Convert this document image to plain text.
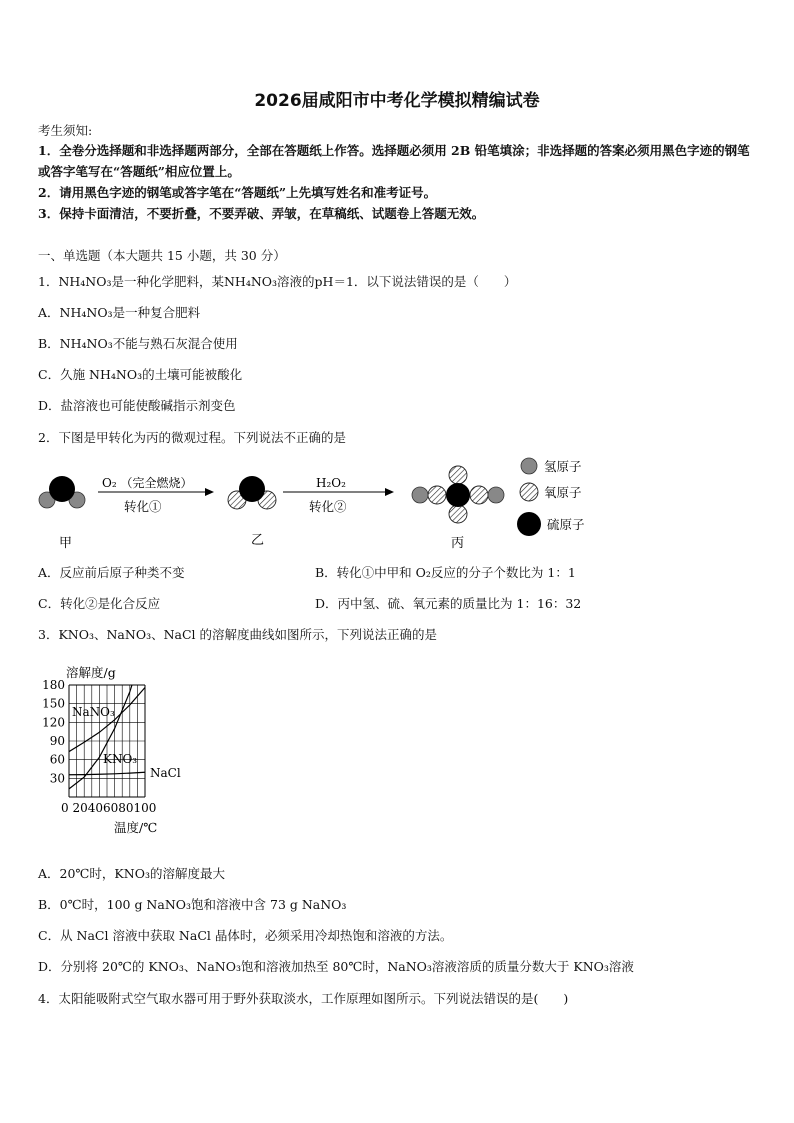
2026届咸阳市中考化学模拟精编试卷
考生须知:
1．全卷分选择题和非选择题两部分，全部在答题纸上作答。选择题必须用 2B 铅笔填涂；非选择题的答案必须用黑色字迹的钢笔或答字笔写在“答题纸”相应位置上。
2．请用黑色字迹的钢笔或答字笔在“答题纸”上先填写姓名和准考证号。
3．保持卡面清洁，不要折叠，不要弄破、弄皱，在草稿纸、试题卷上答题无效。
一、单选题（本大题共 15 小题，共 30 分）
1．NH₄NO₃是一种化学肥料，某NH₄NO₃溶液的pH＝1．以下说法错误的是（　　）
A．NH₄NO₃是一种复合肥料
B．NH₄NO₃不能与熟石灰混合使用
C．久施 NH₄NO₃的土壤可能被酸化
D．盐溶液也可能使酸碱指示剂变色
2．下图是甲转化为丙的微观过程。下列说法不正确的是
O₂ （完全燃烧）
转化①
H₂O₂
转化②
氢原子
氧原子
硫原子
甲	乙	丙
A．反应前后原子种类不变	B．转化①中甲和 O₂反应的分子个数比为 1：1
C．转化②是化合反应	D．丙中氢、硫、氧元素的质量比为 1：16：32
3．KNO₃、NaNO₃、NaCl 的溶解度曲线如图所示，下列说法正确的是
溶解度/g
温度/℃
180
150
120
90
60
30
0 20406080100
NaNO₃
KNO₃
NaCl
A．20℃时，KNO₃的溶解度最大
B．0℃时，100 g NaNO₃饱和溶液中含 73 g NaNO₃
C．从 NaCl 溶液中获取 NaCl 晶体时，必须采用冷却热饱和溶液的方法。
D．分别将 20℃的 KNO₃、NaNO₃饱和溶液加热至 80℃时，NaNO₃溶液溶质的质量分数大于 KNO₃溶液
4．太阳能吸附式空气取水器可用于野外获取淡水，工作原理如图所示。下列说法错误的是(　　)
